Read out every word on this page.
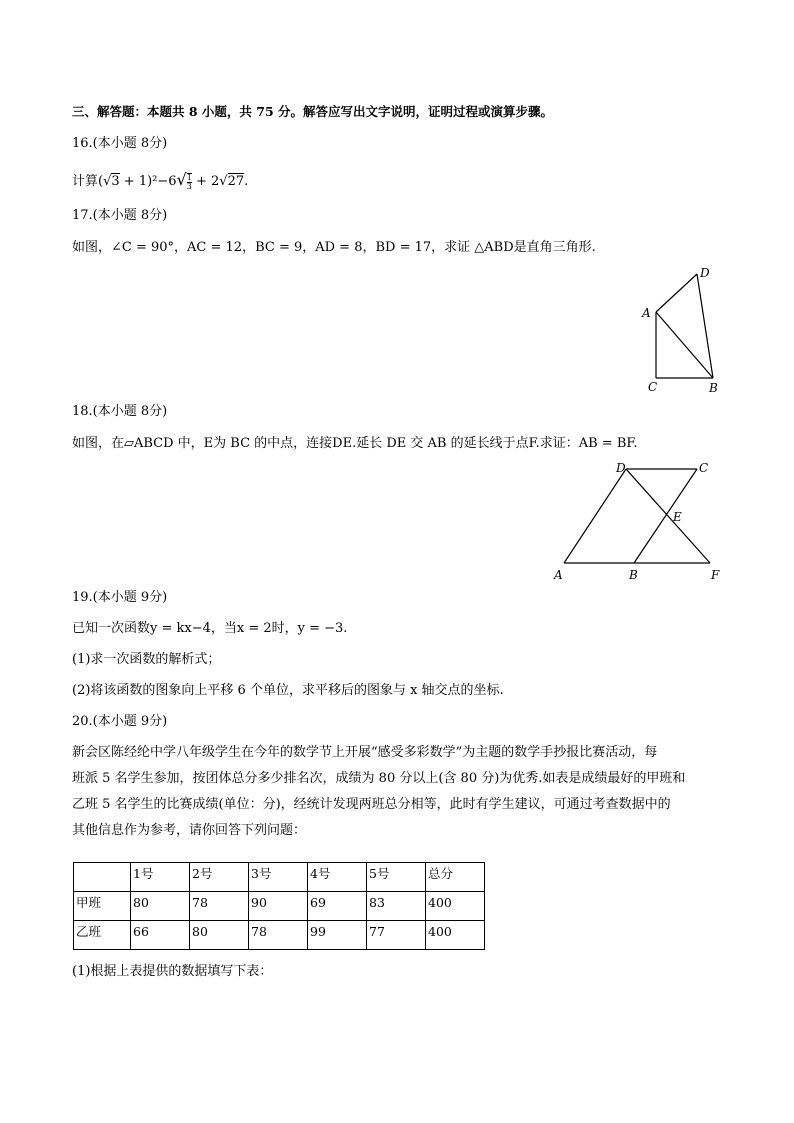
三、解答题：本题共 8 小题，共 75 分。解答应写出文字说明，证明过程或演算步骤。
16.(本小题 8分)
计算$(√3 + 1)^2-6√ \frac{1}{3} + 2√27$.
17.(本小题 8分)
如图，∠C = 90°，AC = 12，BC = 9，AD = 8，BD = 17，求证 △ABD是直角三角形.
D
A
C	B
D	C
E
A	B	F
18.(本小题 8分)
如图，在▱ABCD 中，E为 BC 的中点，连接DE.延长 DE 交 AB 的延长线于点F.求证：AB = BF.
19.(本小题 9分)
已知一次函数y = kx−4，当x = 2时，y = −3.
(1)求一次函数的解析式；
(2)将该函数的图象向上平移 6 个单位，求平移后的图象与 x 轴交点的坐标.
20.(本小题 9分)
新会区陈经纶中学八年级学生在今年的数学节上开展“感受多彩数学”为主题的数学手抄报比赛活动，每
班派 5 名学生参加，按团体总分多少排名次，成绩为 80 分以上(含 80 分)为优秀.如表是成绩最好的甲班和
乙班 5 名学生的比赛成绩(单位：分)，经统计发现两班总分相等，此时有学生建议，可通过考查数据中的
其他信息作为参考，请你回答下列问题：
	1号	2号	3号	4号	5号	总分
甲班	80	78	90	69	83	400
乙班	66	80	78	99	77	400
(1)根据上表提供的数据填写下表：
